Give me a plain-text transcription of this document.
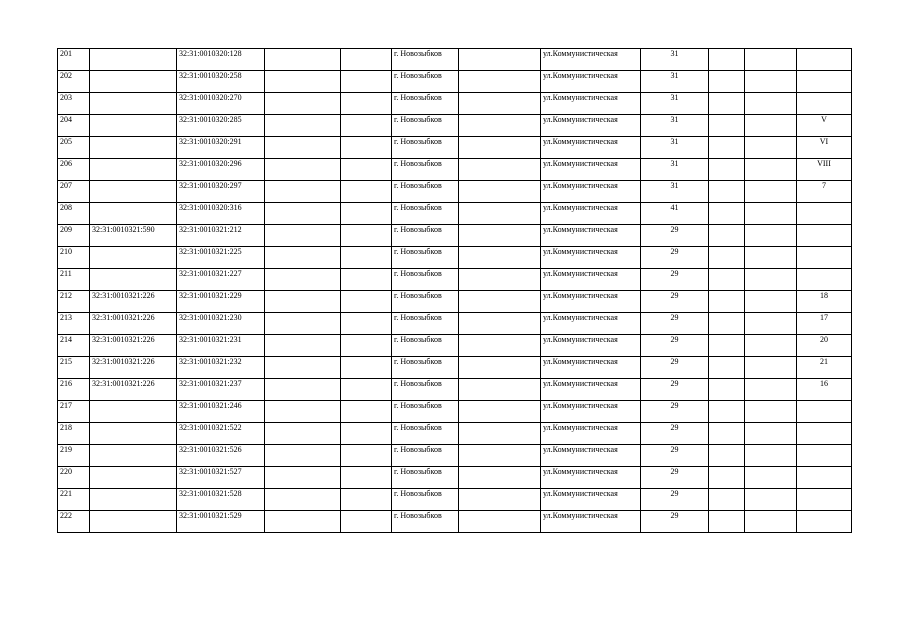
201		32:31:0010320:128			г. Новозыбков		ул.Коммунистическая	31			
202		32:31:0010320:258			г. Новозыбков		ул.Коммунистическая	31			
203		32:31:0010320:270			г. Новозыбков		ул.Коммунистическая	31			
204		32:31:0010320:285			г. Новозыбков		ул.Коммунистическая	31			V
205		32:31:0010320:291			г. Новозыбков		ул.Коммунистическая	31			VI
206		32:31:0010320:296			г. Новозыбков		ул.Коммунистическая	31			VIII
207		32:31:0010320:297			г. Новозыбков		ул.Коммунистическая	31			7
208		32:31:0010320:316			г. Новозыбков		ул.Коммунистическая	41			
209	32:31:0010321:590	32:31:0010321:212			г. Новозыбков		ул.Коммунистическая	29			
210		32:31:0010321:225			г. Новозыбков		ул.Коммунистическая	29			
211		32:31:0010321:227			г. Новозыбков		ул.Коммунистическая	29			
212	32:31:0010321:226	32:31:0010321:229			г. Новозыбков		ул.Коммунистическая	29			18
213	32:31:0010321:226	32:31:0010321:230			г. Новозыбков		ул.Коммунистическая	29			17
214	32:31:0010321:226	32:31:0010321:231			г. Новозыбков		ул.Коммунистическая	29			20
215	32:31:0010321:226	32:31:0010321:232			г. Новозыбков		ул.Коммунистическая	29			21
216	32:31:0010321:226	32:31:0010321:237			г. Новозыбков		ул.Коммунистическая	29			16
217		32:31:0010321:246			г. Новозыбков		ул.Коммунистическая	29			
218		32:31:0010321:522			г. Новозыбков		ул.Коммунистическая	29			
219		32:31:0010321:526			г. Новозыбков		ул.Коммунистическая	29			
220		32:31:0010321:527			г. Новозыбков		ул.Коммунистическая	29			
221		32:31:0010321:528			г. Новозыбков		ул.Коммунистическая	29			
222		32:31:0010321:529			г. Новозыбков		ул.Коммунистическая	29			
